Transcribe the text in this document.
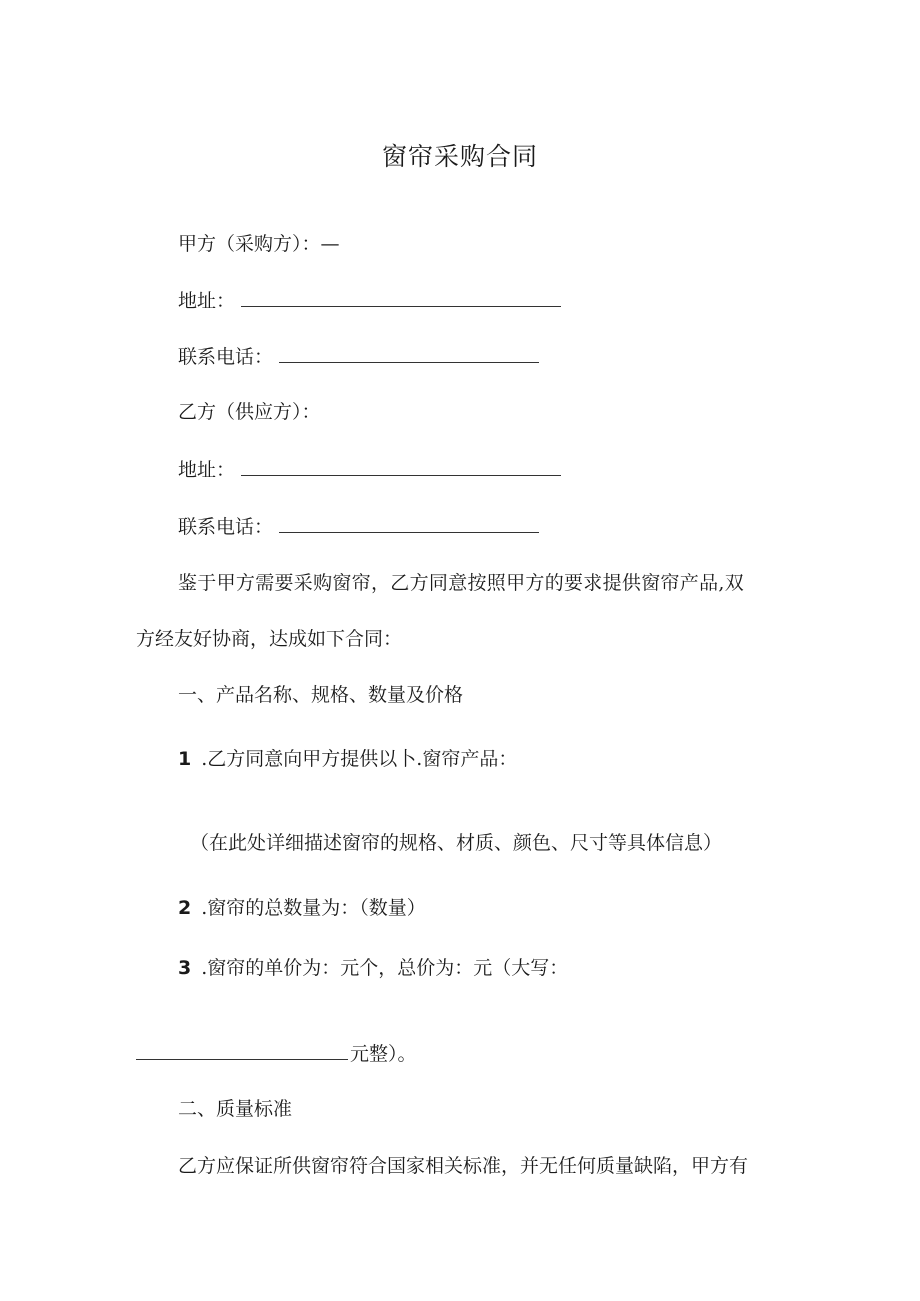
窗帘采购合同
甲方（采购方）：—
地址：
联系电话：
乙方（供应方）：
地址：
联系电话：
鉴于甲方需要采购窗帘，乙方同意按照甲方的要求提供窗帘产品,双
方经友好协商，达成如下合同：
一、产品名称、规格、数量及价格
1 .乙方同意向甲方提供以卜.窗帘产品：
（在此处详细描述窗帘的规格、材质、颜色、尺寸等具体信息）
2 .窗帘的总数量为：（数量）
3 .窗帘的单价为：元个，总价为：元（大写：
元整）。
二、质量标准
乙方应保证所供窗帘符合国家相关标准，并无任何质量缺陷，甲方有
